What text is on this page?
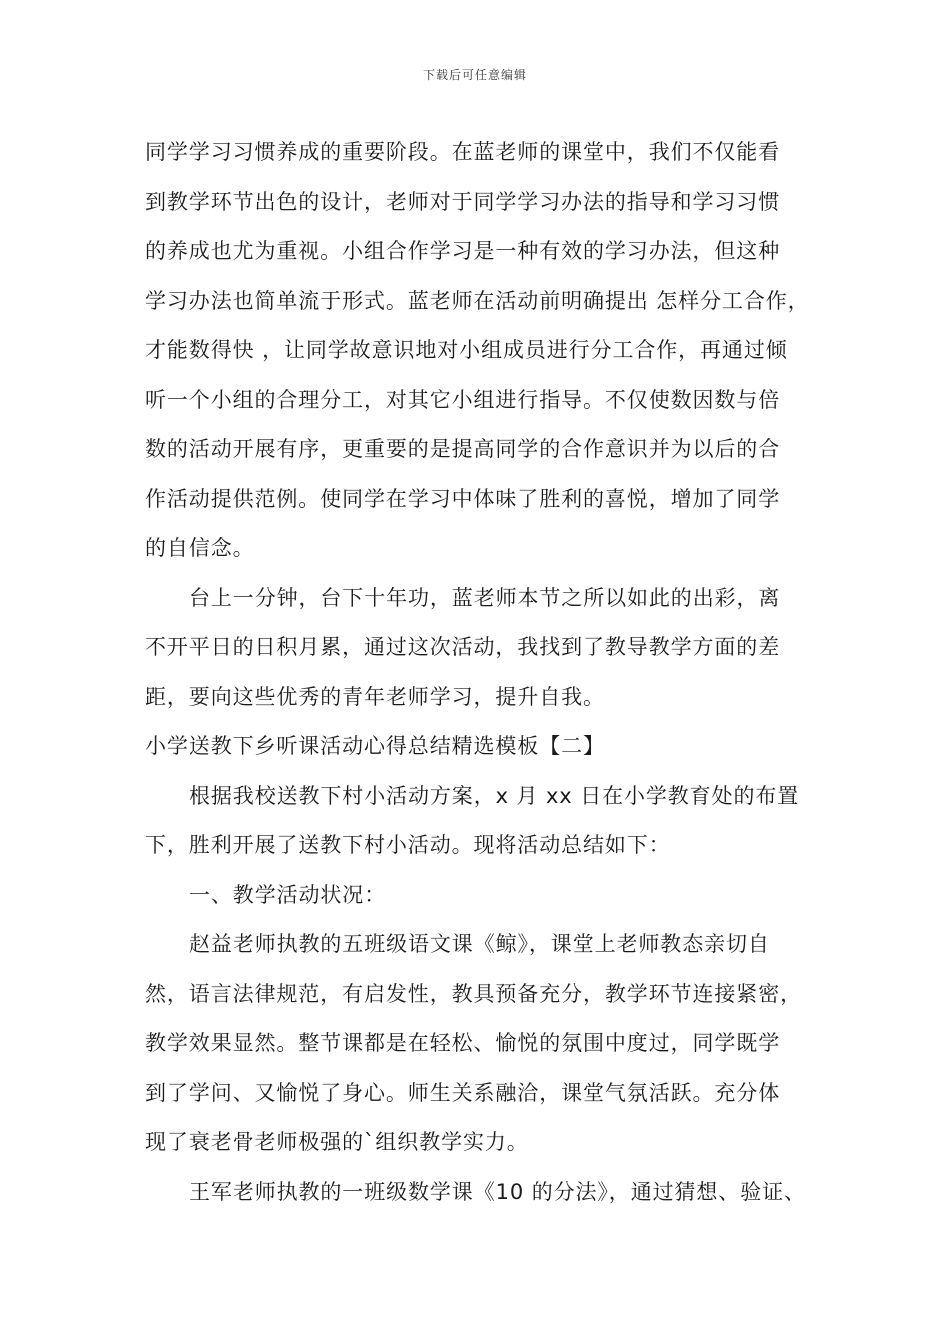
下载后可任意编辑
同学学习习惯养成的重要阶段。在蓝老师的课堂中，我们不仅能看
到教学环节出色的设计，老师对于同学学习办法的指导和学习习惯
的养成也尤为重视。小组合作学习是一种有效的学习办法，但这种
学习办法也简单流于形式。蓝老师在活动前明确提出 怎样分工合作，
才能数得快 ，让同学故意识地对小组成员进行分工合作，再通过倾
听一个小组的合理分工，对其它小组进行指导。不仅使数因数与倍
数的活动开展有序，更重要的是提高同学的合作意识并为以后的合
作活动提供范例。使同学在学习中体味了胜利的喜悦，增加了同学
的自信念。
台上一分钟，台下十年功，蓝老师本节之所以如此的出彩，离
不开平日的日积月累，通过这次活动，我找到了教导教学方面的差
距，要向这些优秀的青年老师学习，提升自我。
小学送教下乡听课活动心得总结精选模板【二】
根据我校送教下村小活动方案，x 月 xx 日在小学教育处的布置
下，胜利开展了送教下村小活动。现将活动总结如下：
一、教学活动状况：
赵益老师执教的五班级语文课《鲸》，课堂上老师教态亲切自
然，语言法律规范，有启发性，教具预备充分，教学环节连接紧密，
教学效果显然。整节课都是在轻松、愉悦的氛围中度过，同学既学
到了学问、又愉悦了身心。师生关系融洽，课堂气氛活跃。充分体
现了衰老骨老师极强的`组织教学实力。
王军老师执教的一班级数学课《10 的分法》，通过猜想、验证、
